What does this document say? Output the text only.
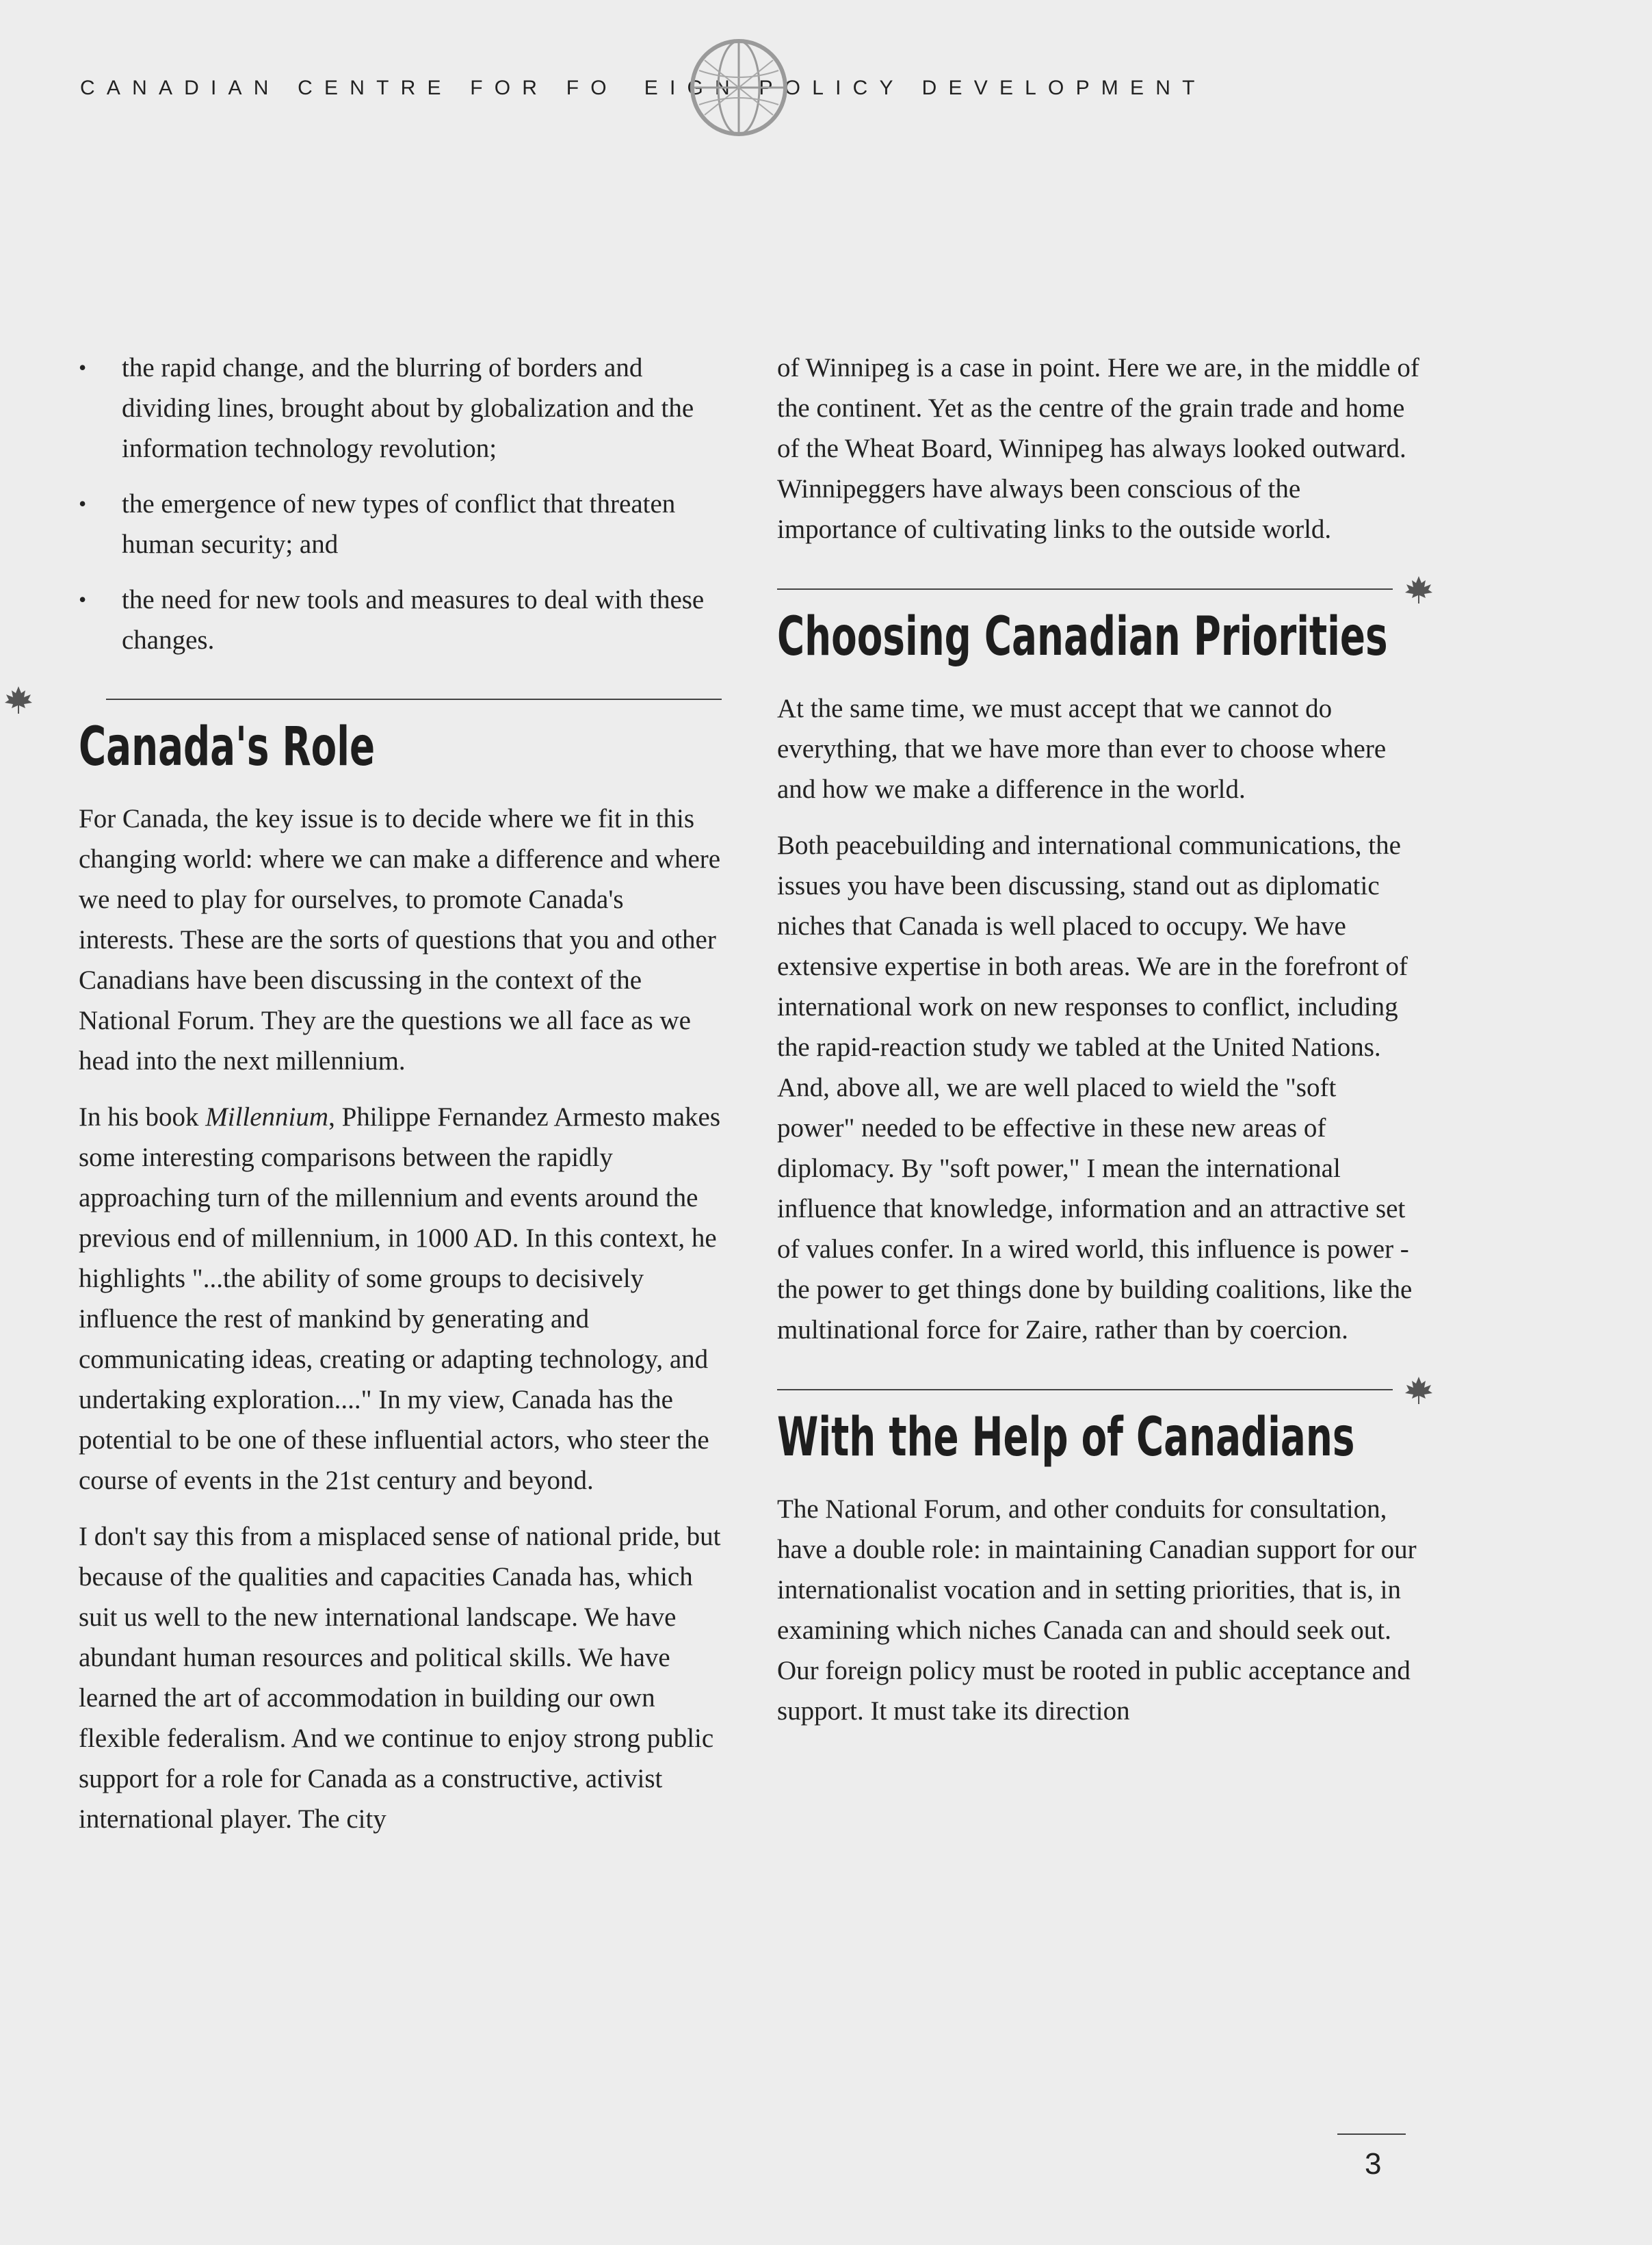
CANADIAN CENTRE FOR FO EIGN POLICY DEVELOPMENT
• the rapid change, and the blurring of borders and dividing lines, brought about by globalization and the information technology revolution;
• the emergence of new types of conflict that threaten human security; and
• the need for new tools and measures to deal with these changes.
Canada's Role

For Canada, the key issue is to decide where we fit in this changing world: where we can make a difference and where we need to play for ourselves, to promote Canada's interests. These are the sorts of questions that you and other Canadians have been discussing in the context of the National Forum. They are the questions we all face as we head into the next millennium.

In his book Millennium, Philippe Fernandez Armesto makes some interesting comparisons between the rapidly approaching turn of the millennium and events around the previous end of millennium, in 1000 AD. In this context, he highlights "...the ability of some groups to decisively influence the rest of mankind by generating and communicating ideas, creating or adapting technology, and undertaking exploration...." In my view, Canada has the potential to be one of these influential actors, who steer the course of events in the 21st century and beyond.

I don't say this from a misplaced sense of national pride, but because of the qualities and capacities Canada has, which suit us well to the new international landscape. We have abundant human resources and political skills. We have learned the art of accommodation in building our own flexible federalism. And we continue to enjoy strong public support for a role for Canada as a constructive, activist international player. The city

of Winnipeg is a case in point. Here we are, in the middle of the continent. Yet as the centre of the grain trade and home of the Wheat Board, Winnipeg has always looked outward. Winnipeggers have always been conscious of the importance of cultivating links to the outside world.

Choosing Canadian Priorities

At the same time, we must accept that we cannot do everything, that we have more than ever to choose where and how we make a difference in the world.

Both peacebuilding and international communications, the issues you have been discussing, stand out as diplomatic niches that Canada is well placed to occupy. We have extensive expertise in both areas. We are in the forefront of international work on new responses to conflict, including the rapid-reaction study we tabled at the United Nations. And, above all, we are well placed to wield the "soft power" needed to be effective in these new areas of diplomacy. By "soft power," I mean the international influence that knowledge, information and an attractive set of values confer. In a wired world, this influence is power - the power to get things done by building coalitions, like the multinational force for Zaire, rather than by coercion.

With the Help of Canadians

The National Forum, and other conduits for consultation, have a double role: in maintaining Canadian support for our internationalist vocation and in setting priorities, that is, in examining which niches Canada can and should seek out. Our foreign policy must be rooted in public acceptance and support. It must take its direction

3
